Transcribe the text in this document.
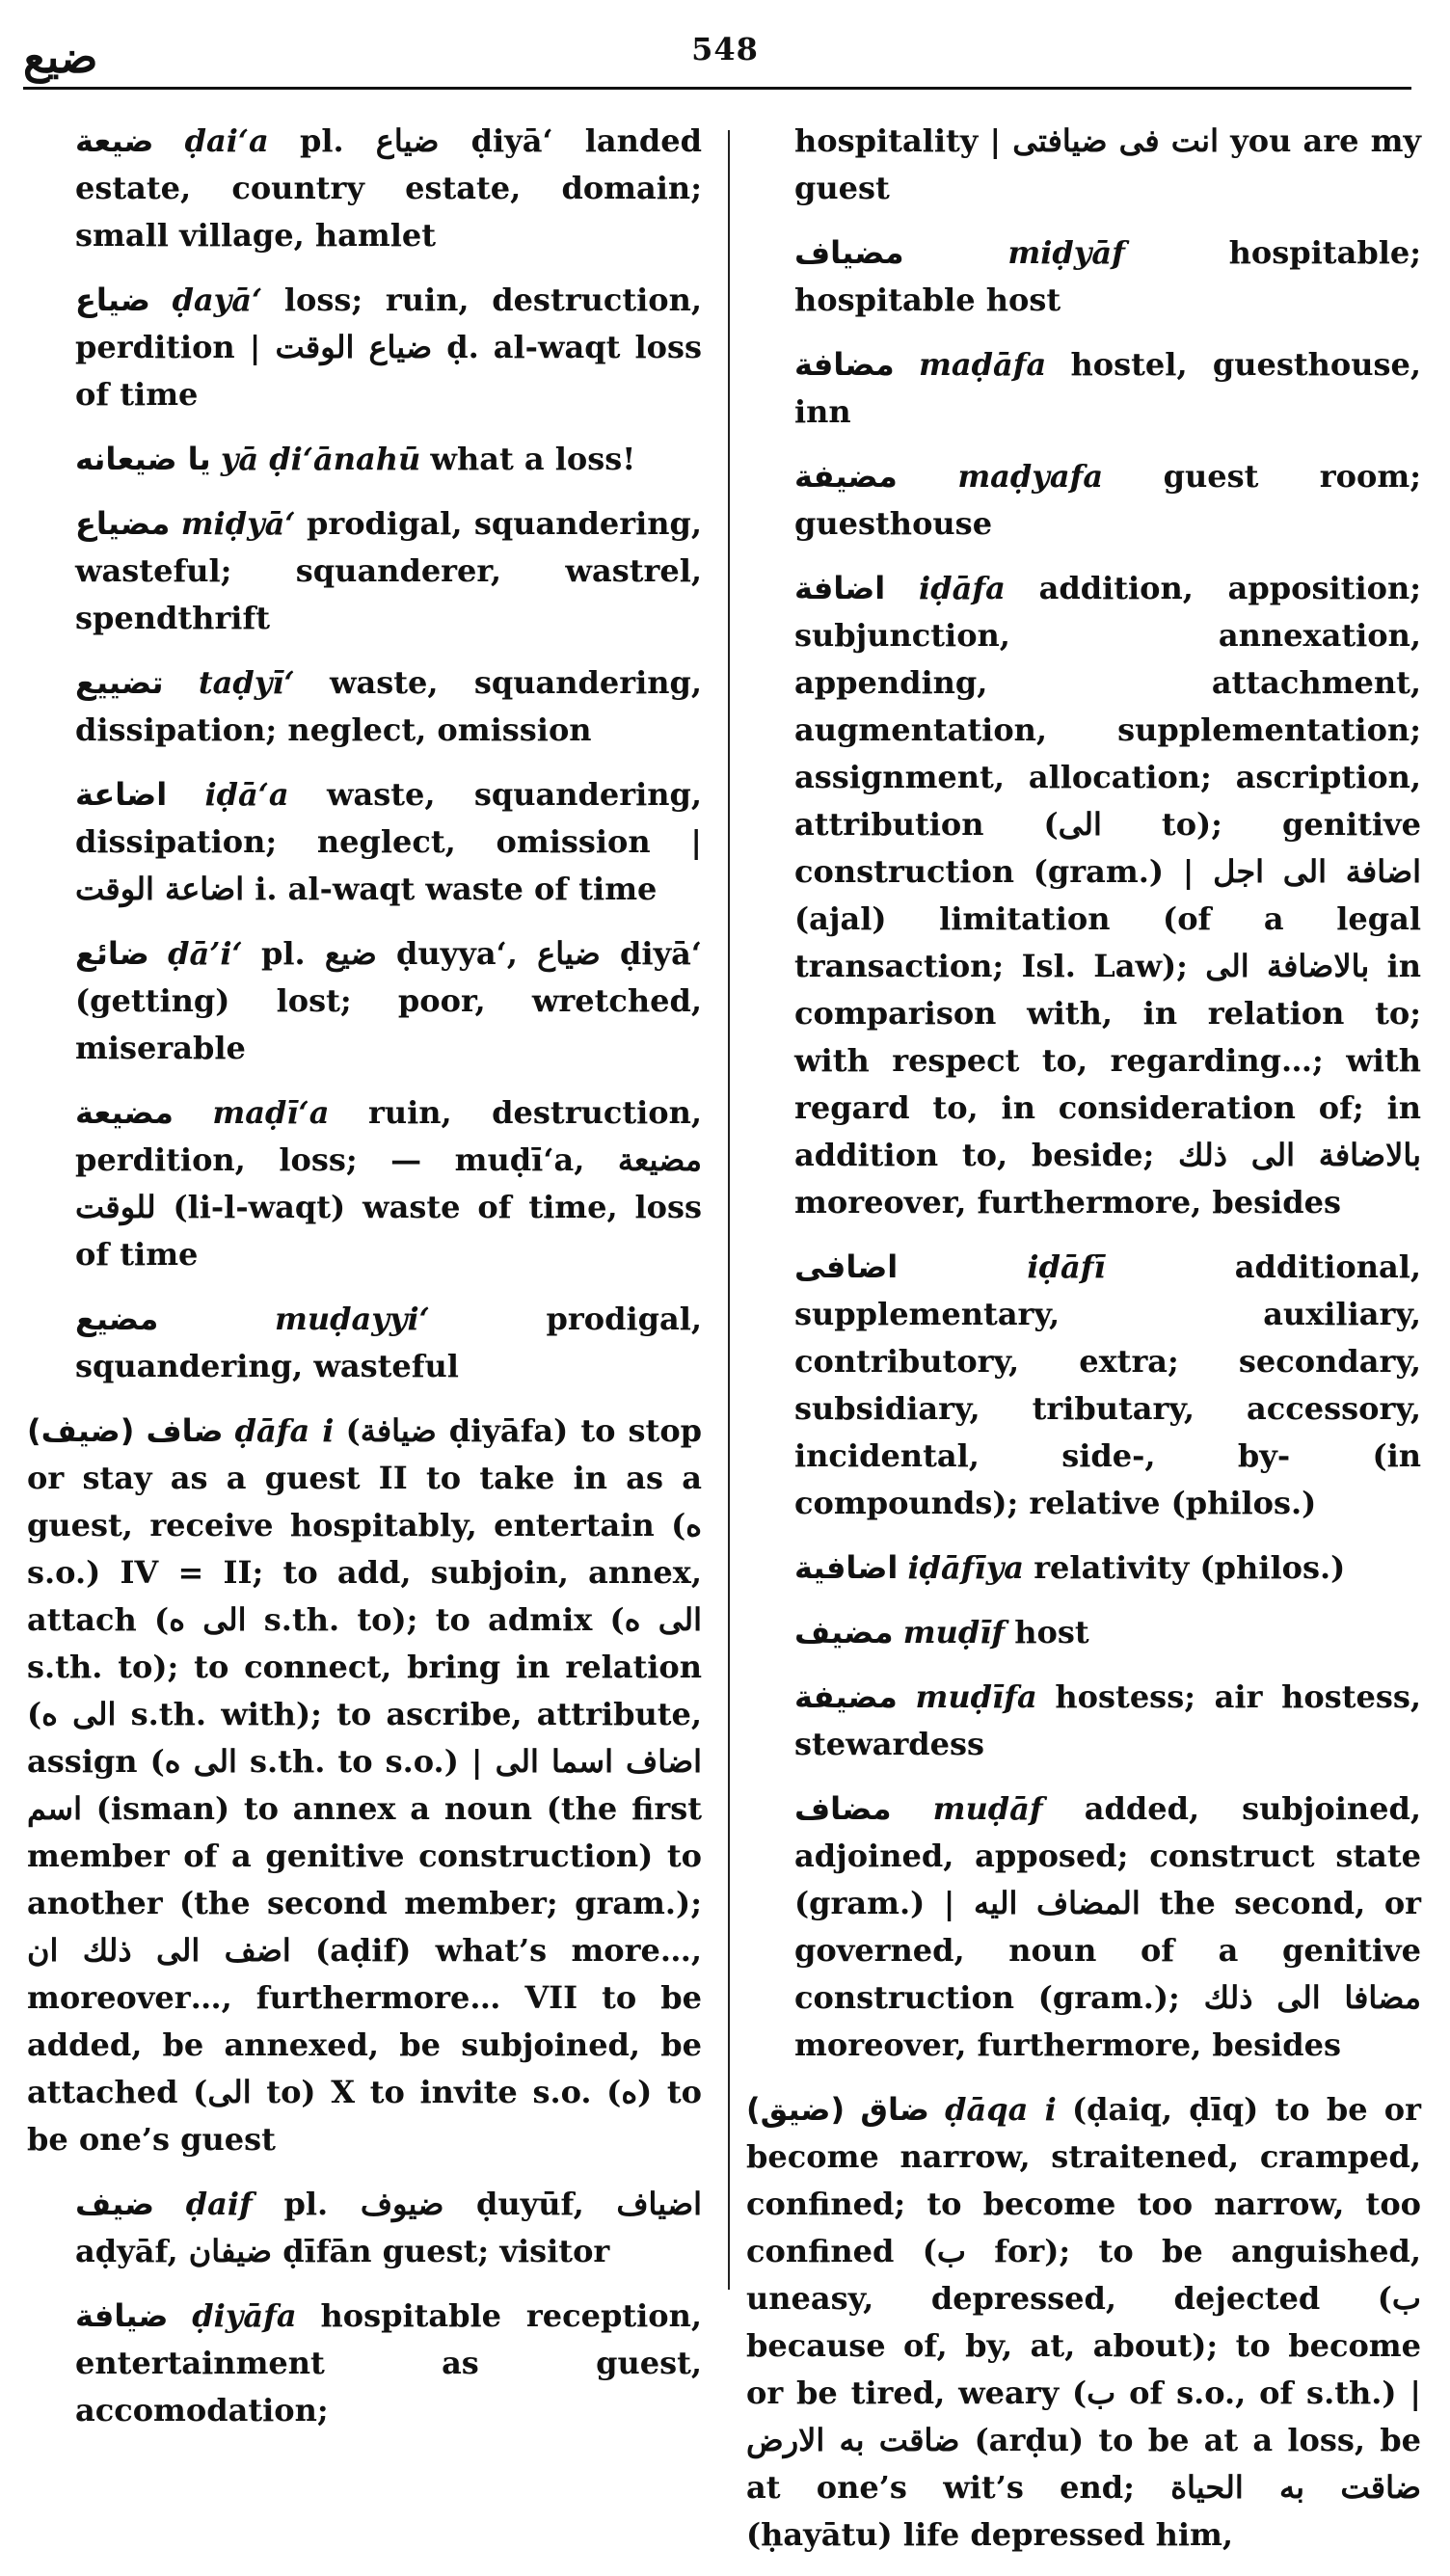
ضيع	548

ضيعة ḍai‘a pl. ضياع ḍiyā‘ landed estate, country estate, domain; small village, hamlet

ضياع ḍayā‘ loss; ruin, destruction, perdition | ضياع الوقت ḍ. al-waqt loss of time

يا ضيعانه yā ḍi‘ānahū what a loss!

مضياع miḍyā‘ prodigal, squandering, wasteful; squanderer, wastrel, spendthrift

تضييع taḍyī‘ waste, squandering, dissipation; neglect, omission

اضاعة iḍā‘a waste, squandering, dissipation; neglect, omission | اضاعة الوقت i. al-waqt waste of time

ضائع ḍā’i‘ pl. ضيع ḍuyya‘, ضياع ḍiyā‘ (getting) lost; poor, wretched, miserable

مضيعة maḍī‘a ruin, destruction, perdition, loss; — muḍī‘a, مضيعة للوقت (li-l-waqt) waste of time, loss of time

مضيع	muḍayyi‘	prodigal, squandering, wasteful

(ضيف) ضاف ḍāfa i (ضيافة ḍiyāfa) to stop or stay as a guest II to take in as a guest, receive hospitably, entertain (ه s.o.) IV = II; to add, subjoin, annex, attach (الى ه s.th. to); to admix (الى ه s.th. to); to connect, bring in relation (الى ه s.th. with); to ascribe, attribute, assign (الى ه s.th. to s.o.) | اضاف اسما الى اسم (isman) to annex a noun (the first member of a genitive construction) to another (the second member; gram.); اضف الى ذلك ان (aḍif) what’s more…, moreover…, furthermore… VII to be added, be annexed, be subjoined, be attached (الى to) X to invite s.o. (ه) to be one’s guest

ضيف ḍaif pl. ضيوف ḍuyūf, اضياف aḍyāf, ضيفان ḍīfān guest; visitor

ضيافة ḍiyāfa hospitable reception, entertainment as guest, accomodation;

hospitality | انت فى ضيافتى you are my guest

مضياف	miḍyāf	hospitable; hospitable host

مضافة maḍāfa hostel, guesthouse, inn

مضيفة maḍyafa guest room; guesthouse

اضافة iḍāfa addition, apposition; subjunction, annexation, appending, attachment, augmentation, supplementation; assignment, allocation; ascription, attribution (الى to); genitive construction (gram.) | اضافة الى اجل (ajal) limitation (of a legal transaction; Isl. Law); بالاضافة الى in comparison with, in relation to; with respect to, regarding…; with regard to, in consideration of; in addition to, beside; بالاضافة الى ذلك moreover, furthermore, besides

اضافى	iḍāfī	additional, supplementary, auxiliary, contributory, extra; secondary, subsidiary, tributary, accessory, incidental, side-, by- (in compounds); relative (philos.)

اضافية iḍāfīya relativity (philos.)

مضيف muḍīf host

مضيفة muḍīfa hostess; air hostess, stewardess

مضاف muḍāf added, subjoined, adjoined, apposed; construct state (gram.) | المضاف اليه the second, or governed, noun of a genitive construction (gram.); مضافا الى ذلك moreover, furthermore, besides

(ضيق) ضاق ḍāqa i (ḍaiq, ḍīq) to be or become narrow, straitened, cramped, confined; to become too narrow, too confined (ب for); to be anguished, uneasy, depressed, dejected (ب because of, by, at, about); to become or be tired, weary (ب of s.o., of s.th.) | ضاقت به الارض (arḍu) to be at a loss, be at one’s wit’s end; ضاقت به الحياة (ḥayātu) life depressed him,
